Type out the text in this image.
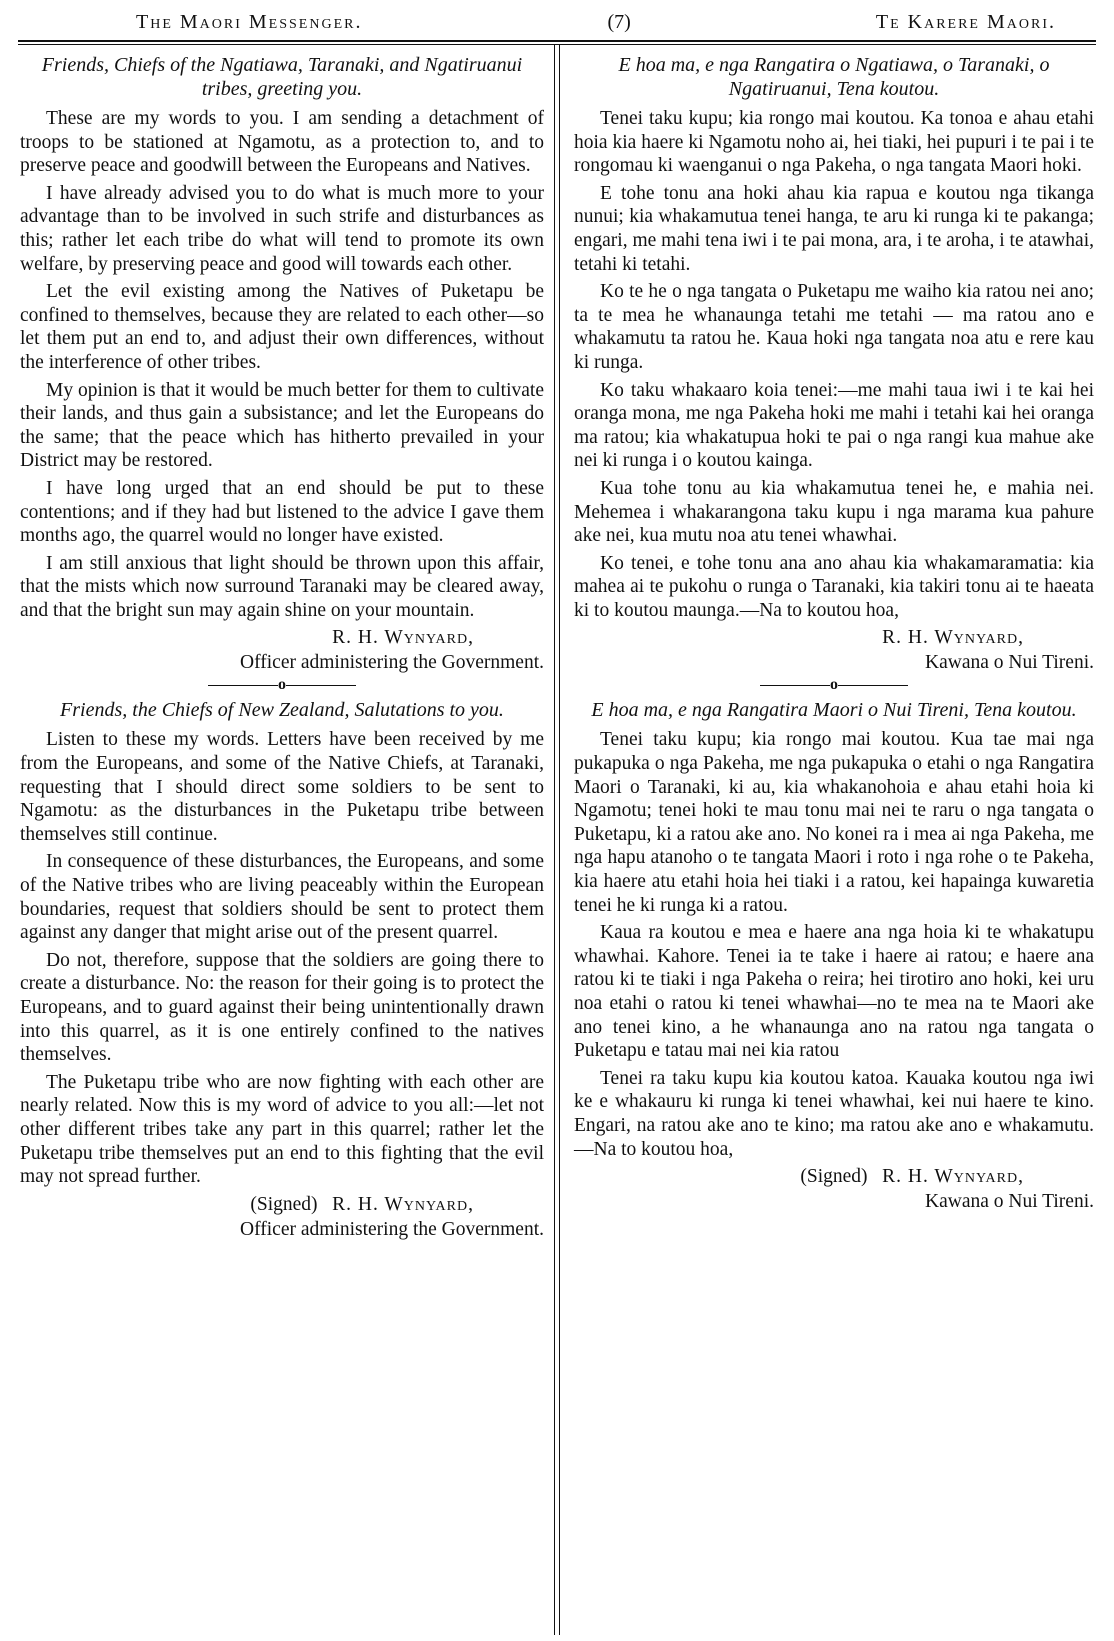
The Maori Messenger.	(7)	Te Karere Maori.
Friends, Chiefs of the Ngatiawa, Taranaki, and Ngatiruanui tribes, greeting you.

These are my words to you. I am sending a detachment of troops to be stationed at Ngamotu, as a protection to, and to preserve peace and goodwill between the Europeans and Natives.

I have already advised you to do what is much more to your advantage than to be involved in such strife and disturbances as this; rather let each tribe do what will tend to promote its own welfare, by preserving peace and good will towards each other.

Let the evil existing among the Natives of Puketapu be confined to themselves, because they are related to each other—so let them put an end to, and adjust their own differences, without the interference of other tribes.

My opinion is that it would be much better for them to cultivate their lands, and thus gain a subsistance; and let the Europeans do the same; that the peace which has hitherto prevailed in your District may be restored.

I have long urged that an end should be put to these contentions; and if they had but listened to the advice I gave them months ago, the quarrel would no longer have existed.

I am still anxious that light should be thrown upon this affair, that the mists which now surround Taranaki may be cleared away, and that the bright sun may again shine on your mountain.

R. H. Wynyard,
Officer administering the Government.
o
Friends, the Chiefs of New Zealand, Salutations to you.

Listen to these my words. Letters have been received by me from the Europeans, and some of the Native Chiefs, at Taranaki, requesting that I should direct some soldiers to be sent to Ngamotu: as the disturbances in the Puketapu tribe between themselves still continue.

In consequence of these disturbances, the Europeans, and some of the Native tribes who are living peaceably within the European boundaries, request that soldiers should be sent to protect them against any danger that might arise out of the present quarrel.

Do not, therefore, suppose that the soldiers are going there to create a disturbance. No: the reason for their going is to protect the Europeans, and to guard against their being unintentionally drawn into this quarrel, as it is one entirely confined to the natives themselves.

The Puketapu tribe who are now fighting with each other are nearly related. Now this is my word of advice to you all:—let not other different tribes take any part in this quarrel; rather let the Puketapu tribe themselves put an end to this fighting that the evil may not spread further.

(Signed) R. H. Wynyard,
Officer administering the Government.
E hoa ma, e nga Rangatira o Ngatiawa, o Taranaki, o Ngatiruanui, Tena koutou.

Tenei taku kupu; kia rongo mai koutou. Ka tonoa e ahau etahi hoia kia haere ki Ngamotu noho ai, hei tiaki, hei pupuri i te pai i te rongomau ki waenganui o nga Pakeha, o nga tangata Maori hoki.

E tohe tonu ana hoki ahau kia rapua e koutou nga tikanga nunui; kia whakamutua tenei hanga, te aru ki runga ki te pakanga; engari, me mahi tena iwi i te pai mona, ara, i te aroha, i te atawhai, tetahi ki tetahi.

Ko te he o nga tangata o Puketapu me waiho kia ratou nei ano; ta te mea he whanaunga tetahi me tetahi — ma ratou ano e whakamutu ta ratou he. Kaua hoki nga tangata noa atu e rere kau ki runga.

Ko taku whakaaro koia tenei:—me mahi taua iwi i te kai hei oranga mona, me nga Pakeha hoki me mahi i tetahi kai hei oranga ma ratou; kia whakatupua hoki te pai o nga rangi kua mahue ake nei ki runga i o koutou kainga.

Kua tohe tonu au kia whakamutua tenei he, e mahia nei. Mehemea i whakarangona taku kupu i nga marama kua pahure ake nei, kua mutu noa atu tenei whawhai.

Ko tenei, e tohe tonu ana ano ahau kia whakamaramatia: kia mahea ai te pukohu o runga o Taranaki, kia takiri tonu ai te haeata ki to koutou maunga.—Na to koutou hoa,

R. H. Wynyard,
Kawana o Nui Tireni.
o
E hoa ma, e nga Rangatira Maori o Nui Tireni, Tena koutou.

Tenei taku kupu; kia rongo mai koutou. Kua tae mai nga pukapuka o nga Pakeha, me nga pukapuka o etahi o nga Rangatira Maori o Taranaki, ki au, kia whakanohoia e ahau etahi hoia ki Ngamotu; tenei hoki te mau tonu mai nei te raru o nga tangata o Puketapu, ki a ratou ake ano. No konei ra i mea ai nga Pakeha, me nga hapu atanoho o te tangata Maori i roto i nga rohe o te Pakeha, kia haere atu etahi hoia hei tiaki i a ratou, kei hapainga kuwaretia tenei he ki runga ki a ratou.

Kaua ra koutou e mea e haere ana nga hoia ki te whakatupu whawhai. Kahore. Tenei ia te take i haere ai ratou; e haere ana ratou ki te tiaki i nga Pakeha o reira; hei tirotiro ano hoki, kei uru noa etahi o ratou ki tenei whawhai—no te mea na te Maori ake ano tenei kino, a he whanaunga ano na ratou nga tangata o Puketapu e tatau mai nei kia ratou

Tenei ra taku kupu kia koutou katoa. Kauaka koutou nga iwi ke e whakauru ki runga ki tenei whawhai, kei nui haere te kino. Engari, na ratou ake ano te kino; ma ratou ake ano e whakamutu.—Na to koutou hoa,

(Signed) R. H. Wynyard,
Kawana o Nui Tireni.
